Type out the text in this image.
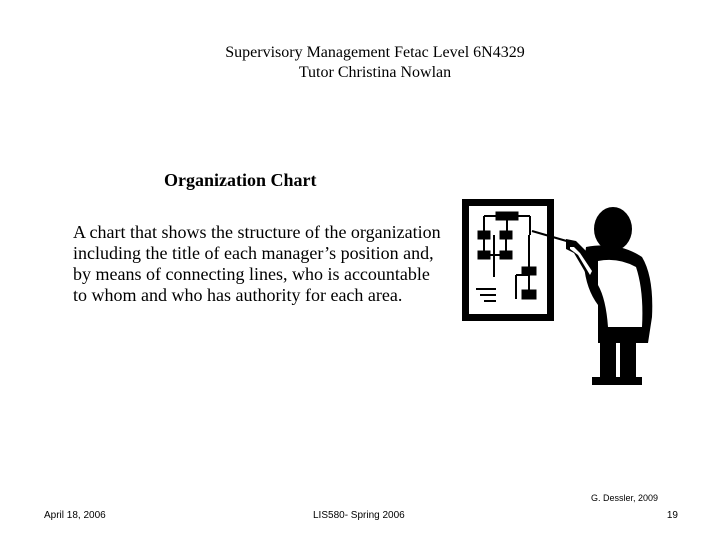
Supervisory Management Fetac Level 6N4329
Tutor Christina Nowlan
Organization Chart
A chart that shows the structure of the organization including the title of each manager’s position and, by means of connecting lines, who is accountable to whom and who has authority for each area.
G. Dessler, 2009
April 18, 2006	LIS580- Spring 2006	19
